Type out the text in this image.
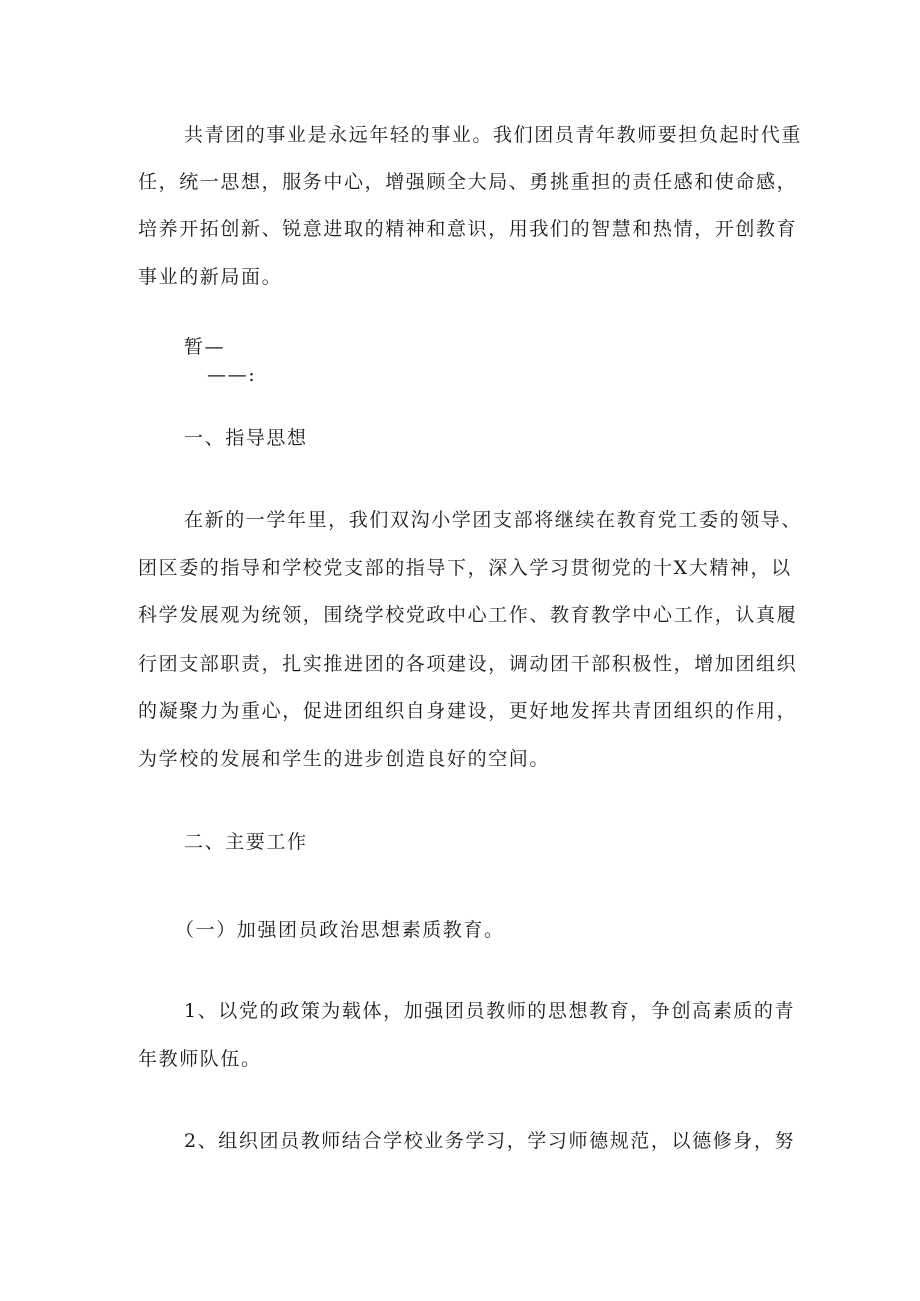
共青团的事业是永远年轻的事业。我们团员青年教师要担负起时代重
任，统一思想，服务中心，增强顾全大局、勇挑重担的责任感和使命感，
培养开拓创新、锐意进取的精神和意识，用我们的智慧和热情，开创教育
事业的新局面。
暂—
——:
一、指导思想
在新的一学年里，我们双沟小学团支部将继续在教育党工委的领导、
团区委的指导和学校党支部的指导下，深入学习贯彻党的十X大精神，以
科学发展观为统领，围绕学校党政中心工作、教育教学中心工作，认真履
行团支部职责，扎实推进团的各项建设，调动团干部积极性，增加团组织
的凝聚力为重心，促进团组织自身建设，更好地发挥共青团组织的作用，
为学校的发展和学生的进步创造良好的空间。
二、主要工作
（一）加强团员政治思想素质教育。
1、以党的政策为载体，加强团员教师的思想教育，争创高素质的青
年教师队伍。
2、组织团员教师结合学校业务学习，学习师德规范，以德修身，努
